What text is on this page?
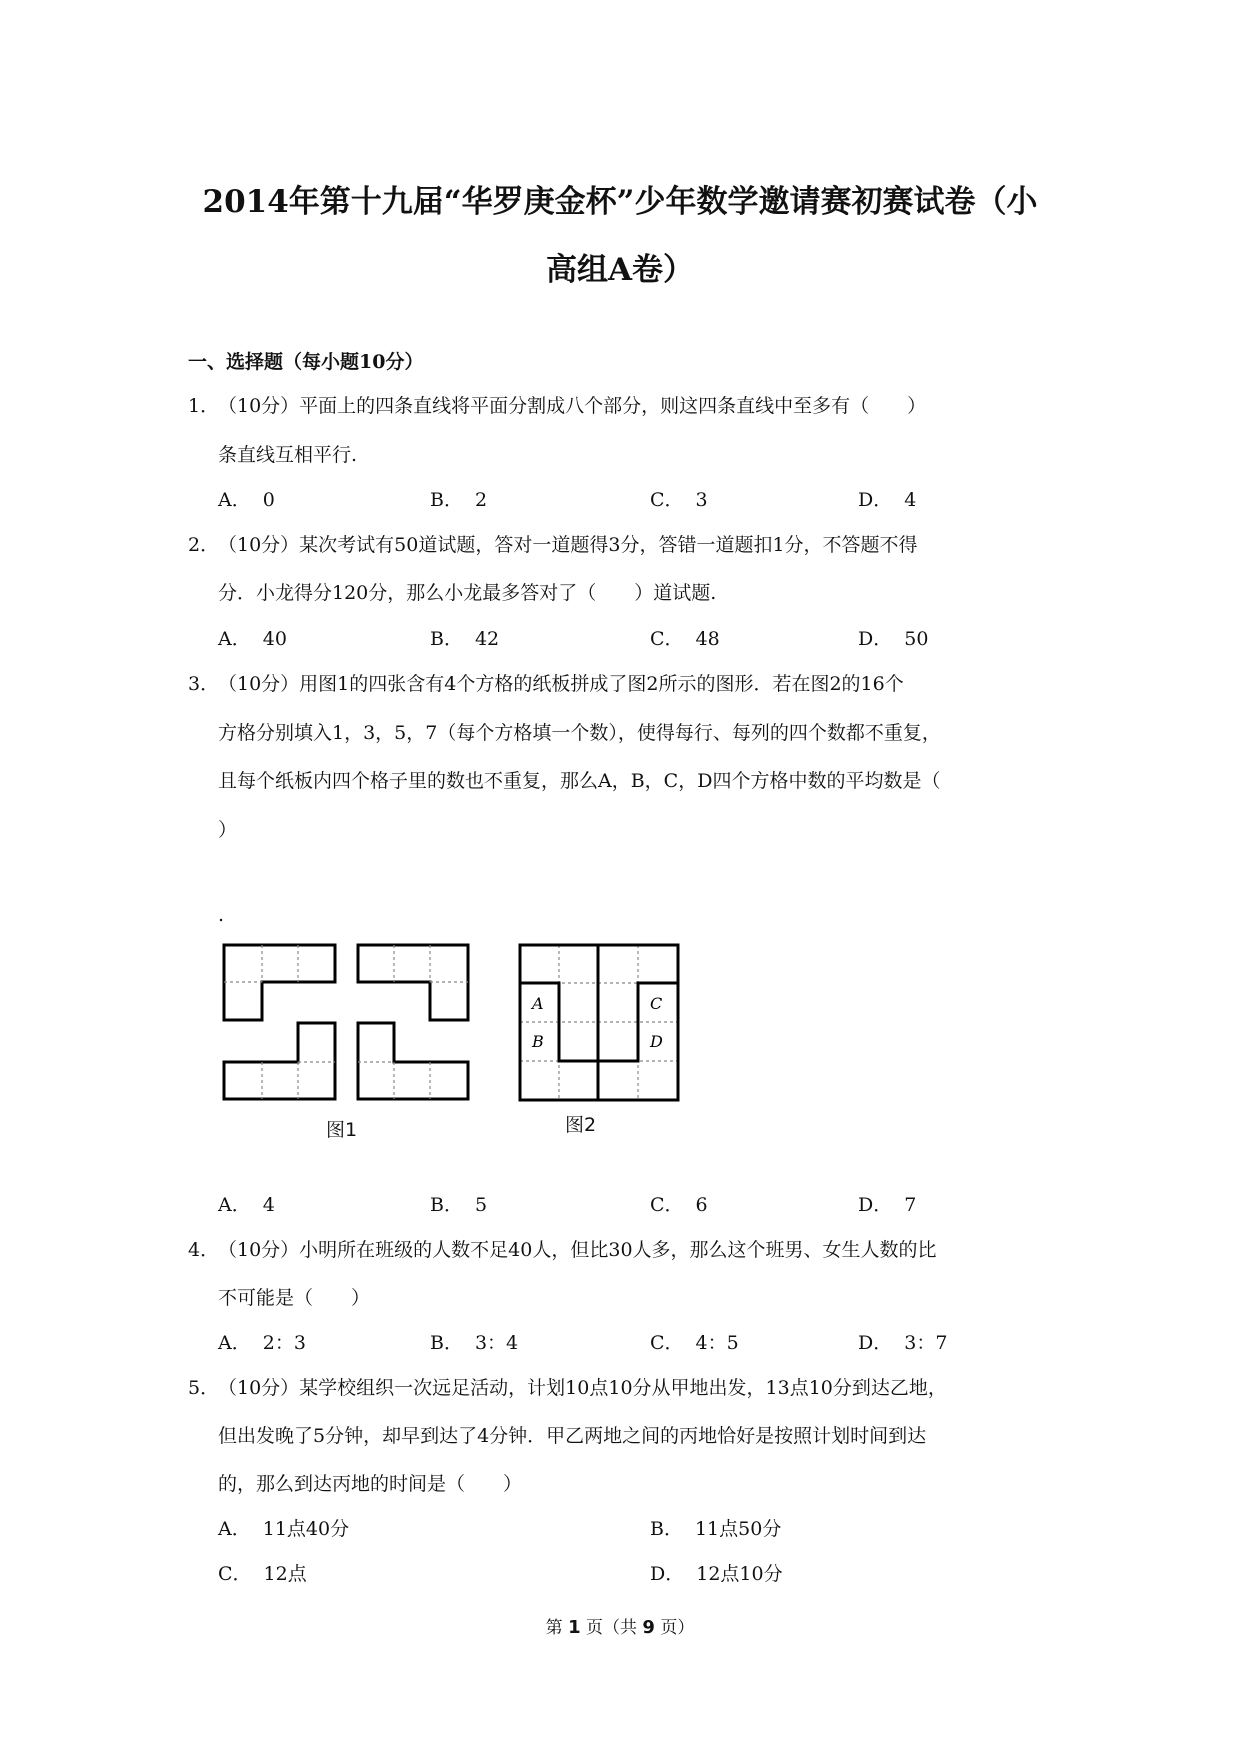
2014年第十九届“华罗庚金杯”少年数学邀请赛初赛试卷（小
高组A卷）
一、选择题（每小题10分）
1．
（10分）平面上的四条直线将平面分割成八个部分，则这四条直线中至多有（　　）
条直线互相平行.
A． 0	B． 2	C． 3	D． 4
2．
（10分）某次考试有50道试题，答对一道题得3分，答错一道题扣1分，不答题不得
分．小龙得分120分，那么小龙最多答对了（　　）道试题.
A． 40	B． 42	C． 48	D． 50
3．
（10分）用图1的四张含有4个方格的纸板拼成了图2所示的图形．若在图2的16个
方格分别填入1，3，5，7（每个方格填一个数），使得每行、每列的四个数都不重复，
且每个纸板内四个格子里的数也不重复，那么A，B，C，D四个方格中数的平均数是（
）
.
图1
A
B
C
D
图2
A． 4	B． 5	C． 6	D． 7
4．
（10分）小明所在班级的人数不足40人，但比30人多，那么这个班男、女生人数的比
不可能是（　　）
A． 2：3	B． 3：4	C． 4：5	D． 3：7
5．
（10分）某学校组织一次远足活动，计划10点10分从甲地出发，13点10分到达乙地，
但出发晚了5分钟，却早到达了4分钟．甲乙两地之间的丙地恰好是按照计划时间到达
的，那么到达丙地的时间是（　　）
A． 11点40分	B． 11点50分
C． 12点	D． 12点10分
第 1 页（共 9 页）
